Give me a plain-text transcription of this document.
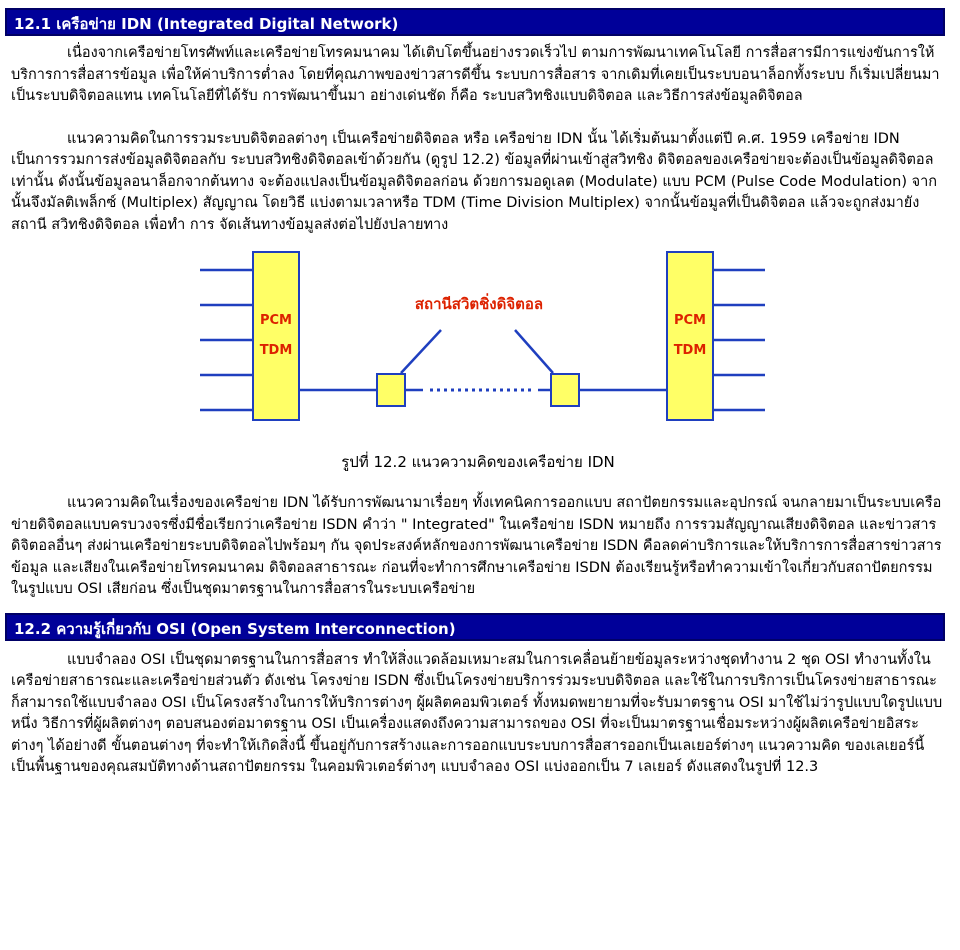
12.1 เครือข่าย IDN (Integrated Digital Network)

เนื่องจากเครือข่ายโทรศัพท์และเครือข่ายโทรคมนาคม ได้เติบโตขึ้นอย่างรวดเร็วไป ตามการพัฒนาเทคโนโลยี การสื่อสารมีการแข่งขันการให้บริการการสื่อสารข้อมูล เพื่อให้ค่าบริการต่ำลง โดยที่คุณภาพของข่าวสารดีขึ้น ระบบการสื่อสาร จากเดิมที่เคยเป็นระบบอนาล็อกทั้งระบบ ก็เริ่มเปลี่ยนมาเป็นระบบดิจิตอลแทน เทคโนโลยีที่ได้รับ การพัฒนาขึ้นมา อย่างเด่นชัด ก็คือ ระบบสวิทชิงแบบดิจิตอล และวิธีการส่งข้อมูลดิจิตอล

แนวความคิดในการรวมระบบดิจิตอลต่างๆ เป็นเครือข่ายดิจิตอล หรือ เครือข่าย IDN นั้น ได้เริ่มต้นมาตั้งแต่ปี ค.ศ. 1959 เครือข่าย IDN เป็นการรวมการส่งข้อมูลดิจิตอลกับ ระบบสวิทชิงดิจิตอลเข้าด้วยกัน (ดูรูป 12.2) ข้อมูลที่ผ่านเข้าสู่สวิทชิง ดิจิตอลของเครือข่ายจะต้องเป็นข้อมูลดิจิตอลเท่านั้น ดังนั้นข้อมูลอนาล็อกจากต้นทาง จะต้องแปลงเป็นข้อมูลดิจิตอลก่อน ด้วยการมอดูเลต (Modulate) แบบ PCM (Pulse Code Modulation) จากนั้นจึงมัลติเพล็กซ์ (Multiplex) สัญญาณ โดยวิธี แบ่งตามเวลาหรือ TDM (Time Division Multiplex) จากนั้นข้อมูลที่เป็นดิจิตอล แล้วจะถูกส่งมายังสถานี สวิทชิงดิจิตอล เพื่อทำ การ จัดเส้นทางข้อมูลส่งต่อไปยังปลายทาง

PCM
TDM
PCM
TDM
สถานีสวิตชิ่งดิจิตอล

รูปที่ 12.2 แนวความคิดของเครือข่าย IDN

แนวความคิดในเรื่องของเครือข่าย IDN ได้รับการพัฒนามาเรื่อยๆ ทั้งเทคนิคการออกแบบ สถาปัตยกรรมและอุปกรณ์ จนกลายมาเป็นระบบเครือข่ายดิจิตอลแบบครบวงจรซึ่งมีชื่อเรียกว่าเครือข่าย ISDN คำว่า " Integrated" ในเครือข่าย ISDN หมายถึง การรวมสัญญาณเสียงดิจิตอล และข่าวสารดิจิตอลอื่นๆ ส่งผ่านเครือข่ายระบบดิจิตอลไปพร้อมๆ กัน จุดประสงค์หลักของการพัฒนาเครือข่าย ISDN คือลดค่าบริการและให้บริการการสื่อสารข่าวสารข้อมูล และเสียงในเครือข่ายโทรคมนาคม ดิจิตอลสาธารณะ ก่อนที่จะทำการศึกษาเครือข่าย ISDN ต้องเรียนรู้หรือทำความเข้าใจเกี่ยวกับสถาปัตยกรรมในรูปแบบ OSI เสียก่อน ซึ่งเป็นชุดมาตรฐานในการสื่อสารในระบบเครือข่าย

12.2 ความรู้เกี่ยวกับ OSI (Open System Interconnection)

แบบจำลอง OSI เป็นชุดมาตรฐานในการสื่อสาร ทำให้สิ่งแวดล้อมเหมาะสมในการเคลื่อนย้ายข้อมูลระหว่างชุดทำงาน 2 ชุด OSI ทำงานทั้งในเครือข่ายสาธารณะและเครือข่ายส่วนตัว ดังเช่น โครงข่าย ISDN ซึ่งเป็นโครงข่ายบริการร่วมระบบดิจิตอล และใช้ในการบริการเป็นโครงข่ายสาธารณะ ก็สามารถใช้แบบจำลอง OSI เป็นโครงสร้างในการให้บริการต่างๆ ผู้ผลิตคอมพิวเตอร์ ทั้งหมดพยายามที่จะรับมาตรฐาน OSI มาใช้ไม่ว่ารูปแบบใดรูปแบบหนึ่ง วิธีการที่ผู้ผลิตต่างๆ ตอบสนองต่อมาตรฐาน OSI เป็นเครื่องแสดงถึงความสามารถของ OSI ที่จะเป็นมาตรฐานเชื่อมระหว่างผู้ผลิตเครือข่ายอิสระต่างๆ ได้อย่างดี ขั้นตอนต่างๆ ที่จะทำให้เกิดสิ่งนี้ ขึ้นอยู่กับการสร้างและการออกแบบระบบการสื่อสารออกเป็นเลเยอร์ต่างๆ แนวความคิด ของเลเยอร์นี้ เป็นพื้นฐานของคุณสมบัติทางด้านสถาปัตยกรรม ในคอมพิวเตอร์ต่างๆ แบบจำลอง OSI แบ่งออกเป็น 7 เลเยอร์ ดังแสดงในรูปที่ 12.3
